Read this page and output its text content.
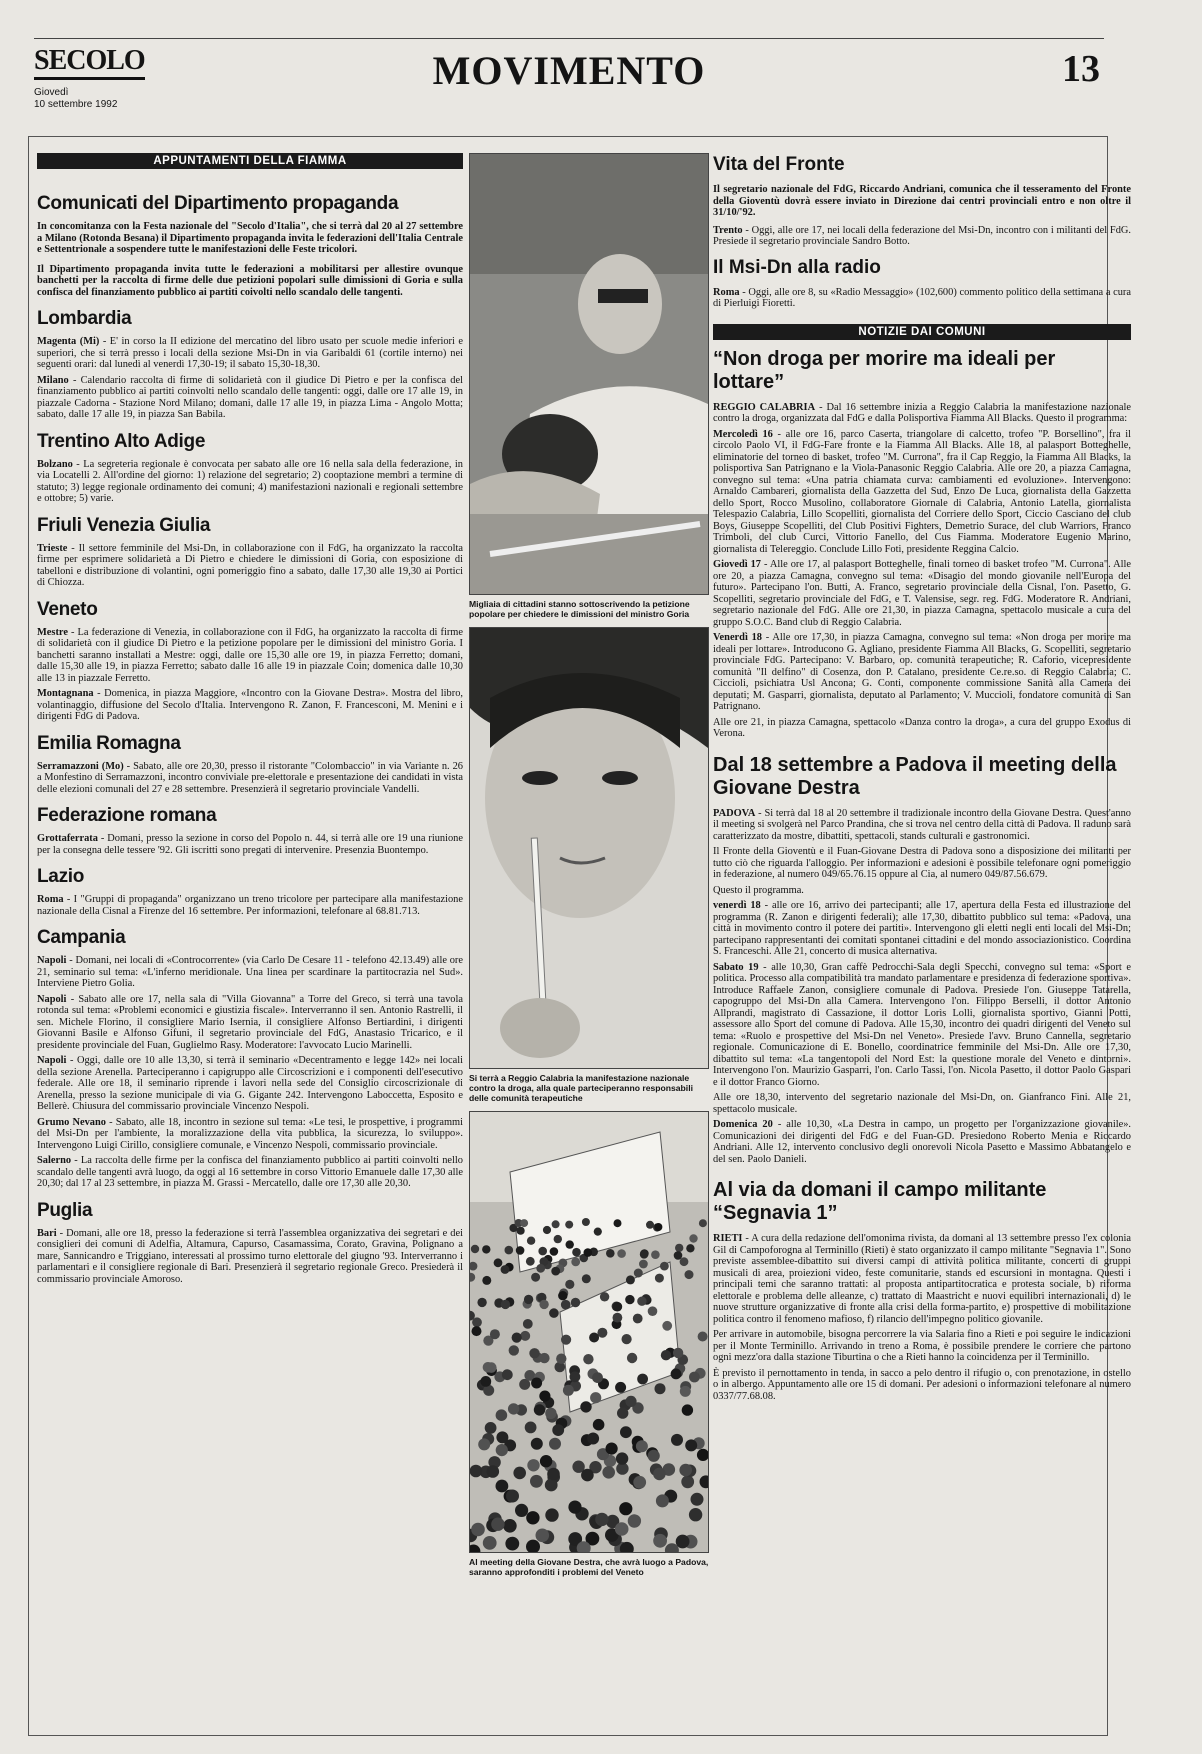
SECOLO
Giovedì
10 settembre 1992
MOVIMENTO	13
APPUNTAMENTI DELLA FIAMMA
Comunicati del Dipartimento propaganda

In concomitanza con la Festa nazionale del "Secolo d'Italia", che si terrà dal 20 al 27 settembre a Milano (Rotonda Besana) il Dipartimento propaganda invita le federazioni dell'Italia Centrale e Settentrionale a sospendere tutte le manifestazioni delle Feste tricolori.

Il Dipartimento propaganda invita tutte le federazioni a mobilitarsi per allestire ovunque banchetti per la raccolta di firme delle due petizioni popolari sulle dimissioni di Goria e sulla confisca del finanziamento pubblico ai partiti coivolti nello scandalo delle tangenti.

Lombardia

Magenta (Mi) - E' in corso la II edizione del mercatino del libro usato per scuole medie inferiori e superiori, che si terrà presso i locali della sezione Msi-Dn in via Garibaldi 61 (cortile interno) nei seguenti orari: dal lunedì al venerdì 17,30-19; il sabato 15,30-18,30.

Milano - Calendario raccolta di firme di solidarietà con il giudice Di Pietro e per la confisca del finanziamento pubblico ai partiti coinvolti nello scandalo delle tangenti: oggi, dalle ore 17 alle 19, in piazzale Cadorna - Stazione Nord Milano; domani, dalle 17 alle 19, in piazza Lima - Angolo Motta; sabato, dalle 17 alle 19, in piazza San Babila.

Trentino Alto Adige

Bolzano - La segreteria regionale è convocata per sabato alle ore 16 nella sala della federazione, in via Locatelli 2. All'ordine del giorno: 1) relazione del segretario; 2) cooptazione membri a termine di statuto; 3) legge regionale ordinamento dei comuni; 4) manifestazioni nazionali e regionali settembre e ottobre; 5) varie.

Friuli Venezia Giulia

Trieste - Il settore femminile del Msi-Dn, in collaborazione con il FdG, ha organizzato la raccolta firme per esprimere solidarietà a Di Pietro e chiedere le dimissioni di Goria, con esposizione di tabelloni e distribuzione di volantini, ogni pomeriggio fino a sabato, dalle 17,30 alle 19,30 ai Portici di Chiozza.

Veneto

Mestre - La federazione di Venezia, in collaborazione con il FdG, ha organizzato la raccolta di firme di solidarietà con il giudice Di Pietro e la petizione popolare per le dimissioni del ministro Goria. I banchetti saranno installati a Mestre: oggi, dalle ore 15,30 alle ore 19, in piazza Ferretto; domani, dalle 15,30 alle 19, in piazza Ferretto; sabato dalle 16 alle 19 in piazzale Coin; domenica dalle 10,30 alle 13 in piazzale Ferretto.

Montagnana - Domenica, in piazza Maggiore, «Incontro con la Giovane Destra». Mostra del libro, volantinaggio, diffusione del Secolo d'Italia. Intervengono R. Zanon, F. Francesconi, M. Menini e i dirigenti FdG di Padova.

Emilia Romagna

Serramazzoni (Mo) - Sabato, alle ore 20,30, presso il ristorante "Colombaccio" in via Variante n. 26 a Monfestino di Serramazzoni, incontro conviviale pre-elettorale e presentazione dei candidati in vista delle elezioni comunali del 27 e 28 settembre. Presenzierà il segretario provinciale Vandelli.

Federazione romana

Grottaferrata - Domani, presso la sezione in corso del Popolo n. 44, si terrà alle ore 19 una riunione per la consegna delle tessere '92. Gli iscritti sono pregati di intervenire. Presenzia Buontempo.

Lazio

Roma - I "Gruppi di propaganda" organizzano un treno tricolore per partecipare alla manifestazione nazionale della Cisnal a Firenze del 16 settembre. Per informazioni, telefonare al 68.81.713.

Campania

Napoli - Domani, nei locali di «Controcorrente» (via Carlo De Cesare 11 - telefono 42.13.49) alle ore 21, seminario sul tema: «L'inferno meridionale. Una linea per scardinare la partitocrazia nel Sud». Interviene Pietro Golia.

Napoli - Sabato alle ore 17, nella sala di "Villa Giovanna" a Torre del Greco, si terrà una tavola rotonda sul tema: «Problemi economici e giustizia fiscale». Interverranno il sen. Antonio Rastrelli, il sen. Michele Florino, il consigliere Mario Isernia, il consigliere Alfonso Bertiardini, i dirigenti Giovanni Basile e Alfonso Gifuni, il segretario provinciale del FdG, Anastasio Tricarico, e il presidente provinciale del Fuan, Guglielmo Rasy. Moderatore: l'avvocato Lucio Marinelli.

Napoli - Oggi, dalle ore 10 alle 13,30, si terrà il seminario «Decentramento e legge 142» nei locali della sezione Arenella. Parteciperanno i capigruppo alle Circoscrizioni e i componenti dell'esecutivo federale. Alle ore 18, il seminario riprende i lavori nella sede del Consiglio circoscrizionale di Arenella, presso la sezione municipale di via G. Gigante 242. Intervengono Laboccetta, Esposito e Bellerè. Chiusura del commissario provinciale Vincenzo Nespoli.

Grumo Nevano - Sabato, alle 18, incontro in sezione sul tema: «Le tesi, le prospettive, i programmi del Msi-Dn per l'ambiente, la moralizzazione della vita pubblica, la sicurezza, lo sviluppo». Intervengono Luigi Cirillo, consigliere comunale, e Vincenzo Nespoli, commissario provinciale.

Salerno - La raccolta delle firme per la confisca del finanziamento pubblico ai partiti coinvolti nello scandalo delle tangenti avrà luogo, da oggi al 16 settembre in corso Vittorio Emanuele dalle 17,30 alle 20,30; dal 17 al 23 settembre, in piazza M. Grassi - Mercatello, dalle ore 17,30 alle 20,30.

Puglia

Bari - Domani, alle ore 18, presso la federazione si terrà l'assemblea organizzativa dei segretari e dei consiglieri dei comuni di Adelfia, Altamura, Capurso, Casamassima, Corato, Gravina, Polignano a mare, Sannicandro e Triggiano, interessati al prossimo turno elettorale del giugno '93. Interverranno i parlamentari e il consigliere regionale di Bari. Presenzierà il segretario regionale Greco. Presiederà il commissario provinciale Amoroso.

Migliaia di cittadini stanno sottoscrivendo la petizione popolare per chiedere le dimissioni del ministro Goria
Si terrà a Reggio Calabria la manifestazione nazionale contro la droga, alla quale parteciperanno responsabili delle comunità terapeutiche
Al meeting della Giovane Destra, che avrà luogo a Padova, saranno approfonditi i problemi del Veneto
Vita del Fronte

Il segretario nazionale del FdG, Riccardo Andriani, comunica che il tesseramento del Fronte della Gioventù dovrà essere inviato in Direzione dai centri provinciali entro e non oltre il 31/10/'92.

Trento - Oggi, alle ore 17, nei locali della federazione del Msi-Dn, incontro con i militanti del FdG. Presiede il segretario provinciale Sandro Botto.

Il Msi-Dn alla radio

Roma - Oggi, alle ore 8, su «Radio Messaggio» (102,600) commento politico della settimana a cura di Pierluigi Fioretti.

NOTIZIE DAI COMUNI
“Non droga per morire ma ideali per lottare”

REGGIO CALABRIA - Dal 16 settembre inizia a Reggio Calabria la manifestazione nazionale contro la droga, organizzata dal FdG e dalla Polisportiva Fiamma All Blacks. Questo il programma:

Mercoledì 16 - alle ore 16, parco Caserta, triangolare di calcetto, trofeo "P. Borsellino", fra il circolo Paolo VI, il FdG-Fare fronte e la Fiamma All Blacks. Alle 18, al palasport Botteghelle, eliminatorie del torneo di basket, trofeo "M. Currona", fra il Cap Reggio, la Fiamma All Blacks, la polisportiva San Patrignano e la Viola-Panasonic Reggio Calabria. Alle ore 20, a piazza Camagna, convegno sul tema: «Una patria chiamata curva: cambiamenti ed evoluzione». Intervengono: Arnaldo Cambareri, giornalista della Gazzetta del Sud, Enzo De Luca, giornalista della Gazzetta dello Sport, Rocco Musolino, collaboratore Giornale di Calabria, Antonio Latella, giornalista Telespazio Calabria, Lillo Scopelliti, giornalista del Corriere dello Sport, Ciccio Casciano del club Boys, Giuseppe Scopelliti, del Club Positivi Fighters, Demetrio Surace, del club Warriors, Franco Trimboli, del club Curci, Vittorio Fanello, del Cus Fiamma. Moderatore Eugenio Marino, giornalista di Telereggio. Conclude Lillo Foti, presidente Reggina Calcio.

Giovedì 17 - Alle ore 17, al palasport Botteghelle, finali torneo di basket trofeo "M. Currona". Alle ore 20, a piazza Camagna, convegno sul tema: «Disagio del mondo giovanile nell'Europa del futuro». Partecipano l'on. Butti, A. Franco, segretario provinciale della Cisnal, l'on. Pasetto, G. Scopelliti, segretario provinciale del FdG, e T. Valensise, segr. reg. FdG. Moderatore R. Andriani, segretario nazionale del FdG. Alle ore 21,30, in piazza Camagna, spettacolo musicale a cura del gruppo S.O.C. Band club di Reggio Calabria.

Venerdì 18 - Alle ore 17,30, in piazza Camagna, convegno sul tema: «Non droga per morire ma ideali per lottare». Introducono G. Agliano, presidente Fiamma All Blacks, G. Scopelliti, segretario provinciale FdG. Partecipano: V. Barbaro, op. comunità terapeutiche; R. Caforio, vicepresidente comunità "Il delfino" di Cosenza, don P. Catalano, presidente Ce.re.so. di Reggio Calabria; C. Ciccioli, psichiatra Usl Ancona; G. Conti, componente commissione Sanità alla Camera dei deputati; M. Gasparri, giornalista, deputato al Parlamento; V. Muccioli, fondatore comunità di San Patrignano.

Alle ore 21, in piazza Camagna, spettacolo «Danza contro la droga», a cura del gruppo Exodus di Verona.

Dal 18 settembre a Padova il meeting della Giovane Destra

PADOVA - Si terrà dal 18 al 20 settembre il tradizionale incontro della Giovane Destra. Quest'anno il meeting si svolgerà nel Parco Prandina, che si trova nel centro della città di Padova. Il raduno sarà caratterizzato da mostre, dibattiti, spettacoli, stands culturali e gastronomici.

Il Fronte della Gioventù e il Fuan-Giovane Destra di Padova sono a disposizione dei militanti per tutto ciò che riguarda l'alloggio. Per informazioni e adesioni è possibile telefonare ogni pomeriggio in federazione, al numero 049/65.76.15 oppure al Cia, al numero 049/87.56.679.

Questo il programma.

venerdì 18 - alle ore 16, arrivo dei partecipanti; alle 17, apertura della Festa ed illustrazione del programma (R. Zanon e dirigenti federali); alle 17,30, dibattito pubblico sul tema: «Padova, una città in movimento contro il potere dei partiti». Intervengono gli eletti negli enti locali del Msi-Dn; partecipano rappresentanti dei comitati spontanei cittadini e del mondo associazionistico. Coordina S. Franceschi. Alle 21, concerto di musica alternativa.

Sabato 19 - alle 10,30, Gran caffè Pedrocchi-Sala degli Specchi, convegno sul tema: «Sport e politica. Processo alla compatibilità tra mandato parlamentare e presidenza di federazione sportiva». Introduce Raffaele Zanon, consigliere comunale di Padova. Presiede l'on. Giuseppe Tatarella, capogruppo del Msi-Dn alla Camera. Intervengono l'on. Filippo Berselli, il dottor Antonio Allprandi, magistrato di Cassazione, il dottor Lorìs Lolli, giornalista sportivo, Gianni Potti, assessore allo Sport del comune di Padova. Alle 15,30, incontro dei quadri dirigenti del Veneto sul tema: «Ruolo e prospettive del Msi-Dn nel Veneto». Presiede l'avv. Bruno Cannella, segretario regionale. Comunicazione di E. Bonello, coordinatrice femminile del Msi-Dn. Alle ore 17,30, dibattito sul tema: «La tangentopoli del Nord Est: la questione morale del Veneto e dintorni». Intervengono l'on. Maurizio Gasparri, l'on. Carlo Tassi, l'on. Nicola Pasetto, il dottor Paolo Gaspari e il dottor Franco Giorno.

Alle ore 18,30, intervento del segretario nazionale del Msi-Dn, on. Gianfranco Fini. Alle 21, spettacolo musicale.

Domenica 20 - alle 10,30, «La Destra in campo, un progetto per l'organizzazione giovanile». Comunicazioni dei dirigenti del FdG e del Fuan-GD. Presiedono Roberto Menia e Riccardo Andriani. Alle 12, intervento conclusivo degli onorevoli Nicola Pasetto e Massimo Abbatangelo e del sen. Paolo Danieli.

Al via da domani il campo militante “Segnavia 1”

RIETI - A cura della redazione dell'omonima rivista, da domani al 13 settembre presso l'ex colonia Gil di Campoforogna al Terminillo (Rieti) è stato organizzato il campo militante "Segnavia 1". Sono previste assemblee-dibattito sui diversi campi di attività politica militante, concerti di gruppi musicali di area, proiezioni video, feste comunitarie, stands ed escursioni in montagna. Questi i principali temi che saranno trattati: al proposta antipartitocratica e protesta sociale, b) riforma elettorale e problema delle alleanze, c) trattato di Maastricht e nuovi equilibri internazionali, d) le nuove strutture organizzative di fronte alla crisi della forma-partito, e) prospettive di mobilitazione politica contro il fenomeno mafioso, f) rilancio dell'impegno politico giovanile.

Per arrivare in automobile, bisogna percorrere la via Salaria fino a Rieti e poi seguire le indicazioni per il Monte Terminillo. Arrivando in treno a Roma, è possibile prendere le corriere che partono ogni mezz'ora dalla stazione Tiburtina o che a Rieti hanno la coincidenza per il Terminillo.

È previsto il pernottamento in tenda, in sacco a pelo dentro il rifugio o, con prenotazione, in ostello o in albergo. Appuntamento alle ore 15 di domani. Per adesioni o informazioni telefonare al numero 0337/77.68.08.
